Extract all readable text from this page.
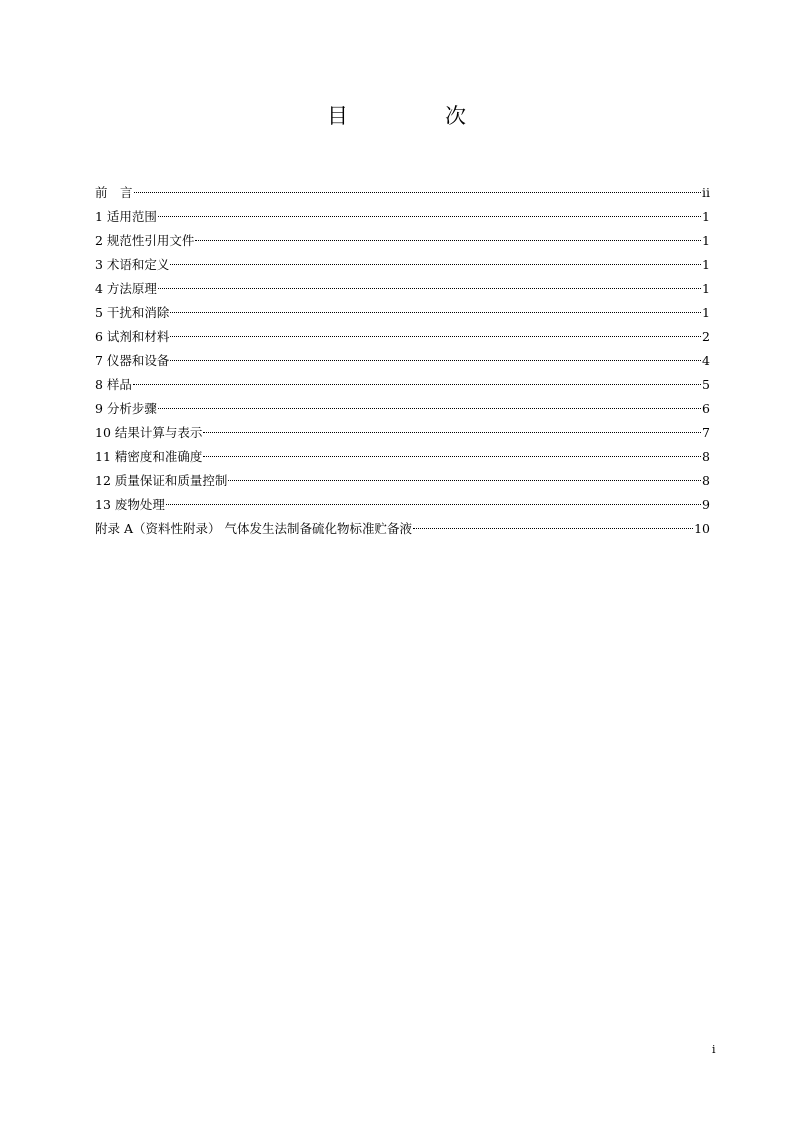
目　次
前　言	ii
1 适用范围	1
2 规范性引用文件	1
3 术语和定义	1
4 方法原理	1
5 干扰和消除	1
6 试剂和材料	2
7 仪器和设备	4
8 样品	5
9 分析步骤	6
10 结果计算与表示	7
11 精密度和准确度	8
12 质量保证和质量控制	8
13 废物处理	9
附录 A（资料性附录） 气体发生法制备硫化物标准贮备液	10
i
